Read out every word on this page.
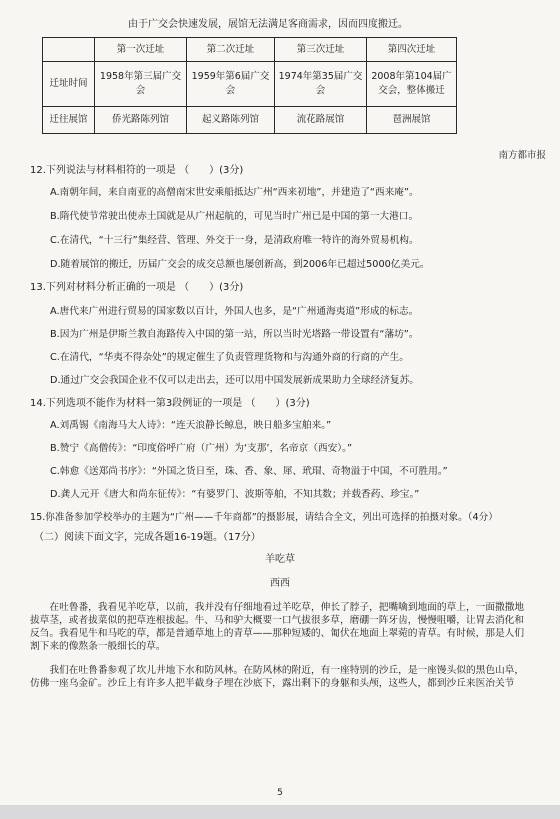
由于广交会快速发展，展馆无法满足客商需求，因而四度搬迁。
	第一次迁址	第二次迁址	第三次迁址	第四次迁址
迁址时间	1958年第三届广交会	1959年第6届广交会	1974年第35届广交会	2008年第104届广交会，整体搬迁
迁往展馆	侨光路陈列馆	起义路陈列馆	流花路展馆	琶洲展馆
南方都市报
12.下列说法与材料相符的一项是 （　　）(3分)
A.南朝年间，来自南亚的高僧南宋世安乘船抵达广州“西来初地”，并建造了“西来庵”。
B.隋代使节常驶出使赤土国就是从广州起航的，可见当时广州已是中国的第一大港口。
C.在清代，“十三行”集经营、管理、外交于一身，是清政府唯一特许的海外贸易机构。
D.随着展馆的搬迁，历届广交会的成交总额也屡创新高，到2006年已超过5000亿美元。
13.下列对材料分析正确的一项是 （　　）(3分)
A.唐代来广州进行贸易的国家数以百计，外国人也多，是“广州通海夷道”形成的标志。
B.因为广州是伊斯兰教自海路传入中国的第一站，所以当时光塔路一带设置有“藩坊”。
C.在清代，“华夷不得杂处”的规定催生了负责管理货物和与沟通外商的行商的产生。
D.通过广交会我国企业不仅可以走出去，还可以用中国发展新成果助力全球经济复苏。
14.下列选项不能作为材料一第3段例证的一项是 （　　）(3分)
A.刘禹锡《南海马大人诗》：“连天浪静长鲸息，映日船多宝舶来。”
B.赞宁《高僧传》：“印度俗呼广府（广州）为‘支那’，名帝京（西安）。”
C.韩愈《送郑尚书序》：“外国之货日至，珠、香、象、犀、玳瑁、奇物溢于中国，不可胜用。”
D.龚人元开《唐大和尚东征传》：“有婆罗门、波斯等舶，不知其数；并载香药、珍宝。”
15.你准备参加学校举办的主题为“广州——千年商都”的摄影展，请结合全文，列出可选择的拍摄对象。（4分）
（二）阅读下面文字，完成各题16-19题。（17分）
羊吃草
西西
在吐鲁番，我看见羊吃草，以前，我并没有仔细地看过羊吃草，伸长了脖子，把嘴噙到地面的草上，一面撒撒地拔草茎，或者拔菜似的把草连根拔起。牛、马和驴大概要一口气拔很多草，磨硼一阵牙齿，慢慢咀嚼，让胃去消化和反刍。我看见牛和马吃的草，都是普通草地上的青草——那种短矮的、匍伏在地面上翠菀的青草。有时候，那是人们割下来的像熬条一般细长的草。
我们在吐鲁番参观了坎儿井地下水和防风林。在防风林的附近，有一座特别的沙丘，是一座馒头似的黑色山阜，仿佛一座乌金矿。沙丘上有许多人把半截身子埋在沙底下，露出剩下的身躯和头颅，这些人，都到沙丘来医治关节
5
